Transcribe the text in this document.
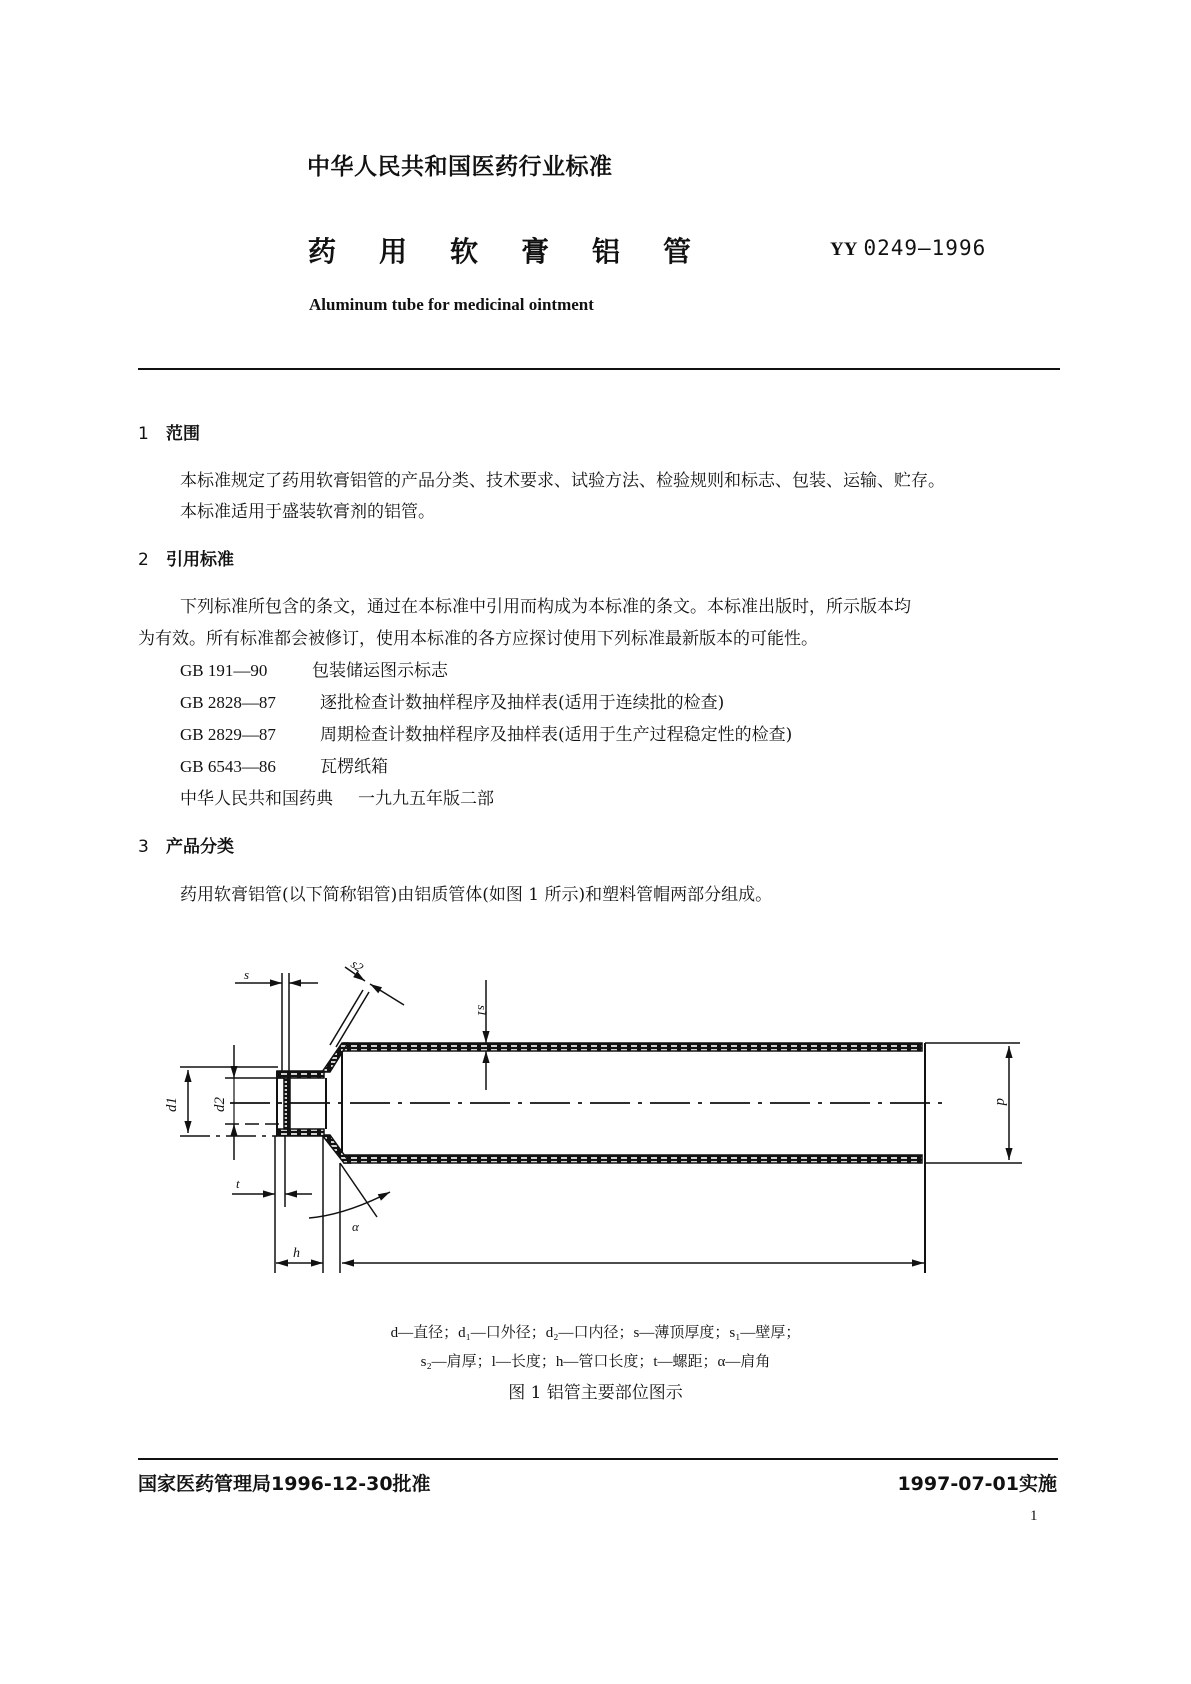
中华人民共和国医药行业标准
药 用 软 膏 铝 管	YY 0249—1996
Aluminum tube for medicinal ointment
1 范围
本标准规定了药用软膏铝管的产品分类、技术要求、试验方法、检验规则和标志、包装、运输、贮存。
本标准适用于盛装软膏剂的铝管。
2 引用标准
下列标准所包含的条文，通过在本标准中引用而构成为本标准的条文。本标准出版时，所示版本均
为有效。所有标准都会被修订，使用本标准的各方应探讨使用下列标准最新版本的可能性。
GB 191—90	包装储运图示标志
GB 2828—87	逐批检查计数抽样程序及抽样表(适用于连续批的检查)
GB 2829—87	周期检查计数抽样程序及抽样表(适用于生产过程稳定性的检查)
GB 6543—86	瓦楞纸箱
中华人民共和国药典 一九九五年版二部
3 产品分类
药用软膏铝管(以下简称铝管)由铝质管体(如图 1 所示)和塑料管帽两部分组成。
s	s2
s1
d1 d2	d
t
α
h
d—直径；d₁—口外径；d₂—口内径；s—薄顶厚度；s₁—壁厚；
s₂—肩厚；l—长度；h—管口长度；t—螺距；α—肩角
图 1 铝管主要部位图示
国家医药管理局1996-12-30批准	1997-07-01实施
1
